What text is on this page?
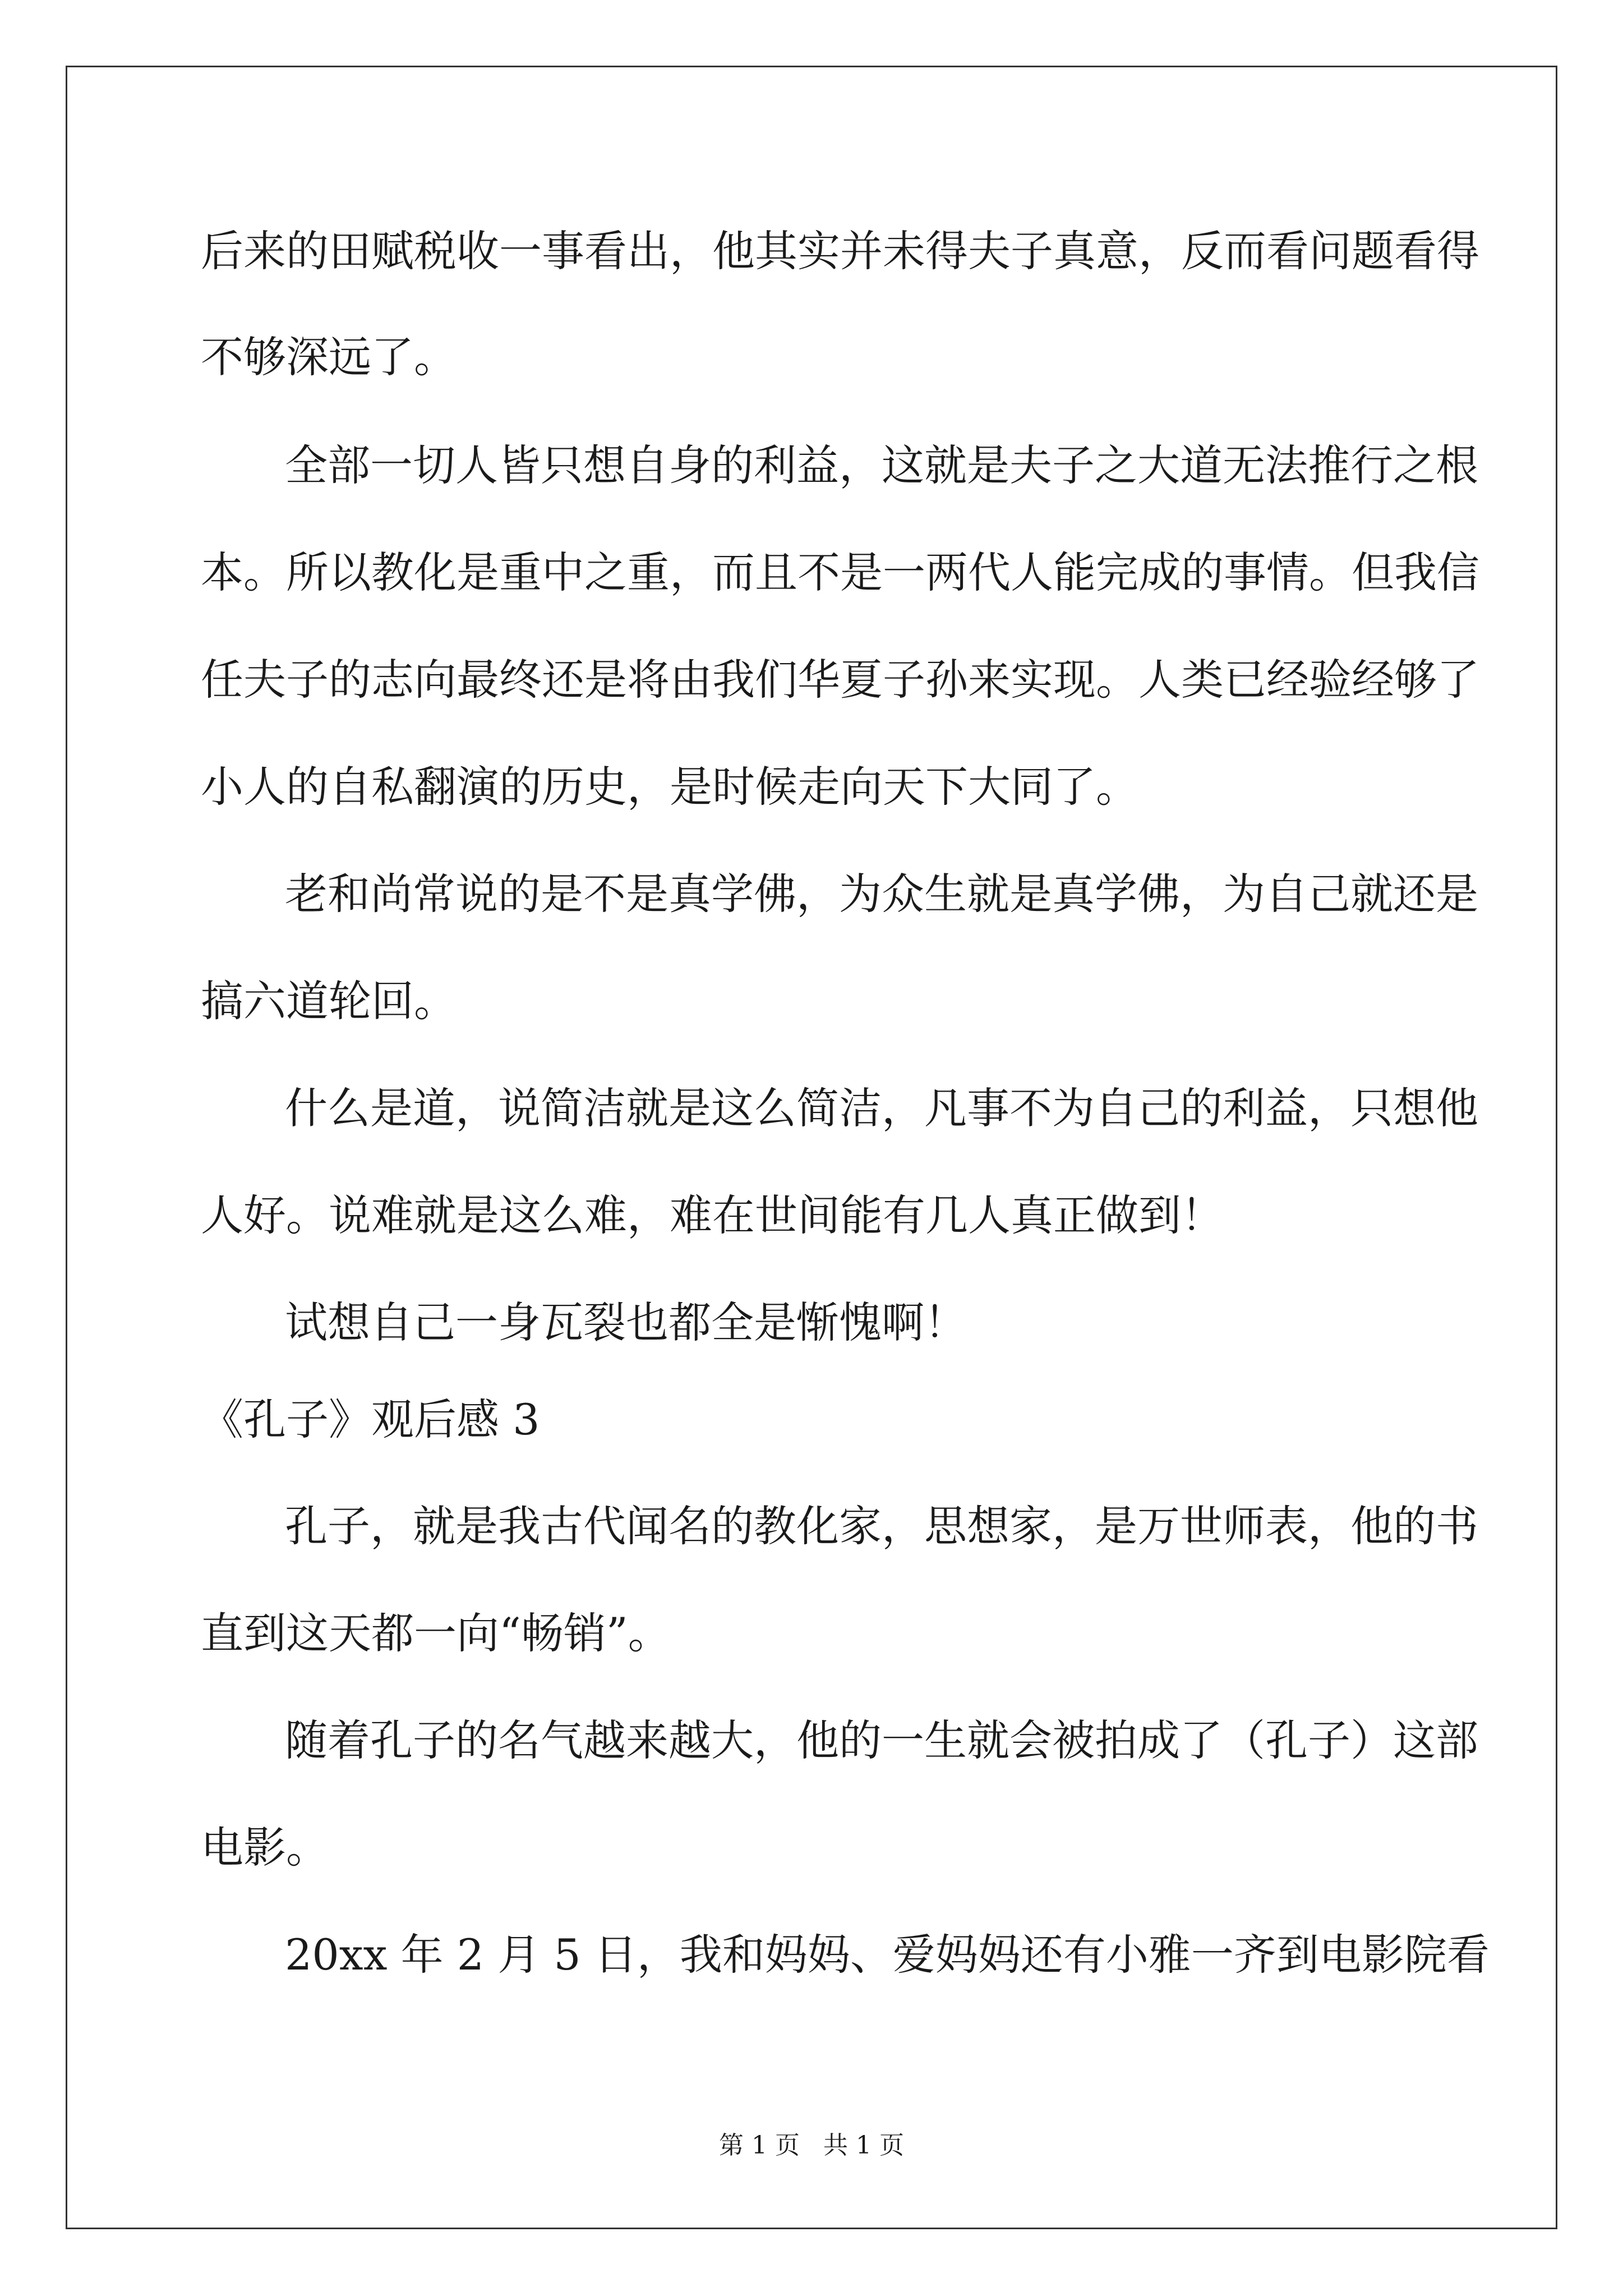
后来的田赋税收一事看出，他其实并未得夫子真意，反而看问题看得
不够深远了。
全部一切人皆只想自身的利益，这就是夫子之大道无法推行之根
本。所以教化是重中之重，而且不是一两代人能完成的事情。但我信
任夫子的志向最终还是将由我们华夏子孙来实现。人类已经验经够了
小人的自私翻演的历史，是时候走向天下大同了。
老和尚常说的是不是真学佛，为众生就是真学佛，为自己就还是
搞六道轮回。
什么是道，说简洁就是这么简洁，凡事不为自己的利益，只想他
人好。说难就是这么难，难在世间能有几人真正做到！
试想自己一身瓦裂也都全是惭愧啊！
《孔子》观后感 3
孔子，就是我古代闻名的教化家，思想家，是万世师表，他的书
直到这天都一向“畅销”。
随着孔子的名气越来越大，他的一生就会被拍成了（孔子）这部
电影。
20xx 年 2 月 5 日，我和妈妈、爱妈妈还有小雅一齐到电影院看
第 1 页   共 1 页
